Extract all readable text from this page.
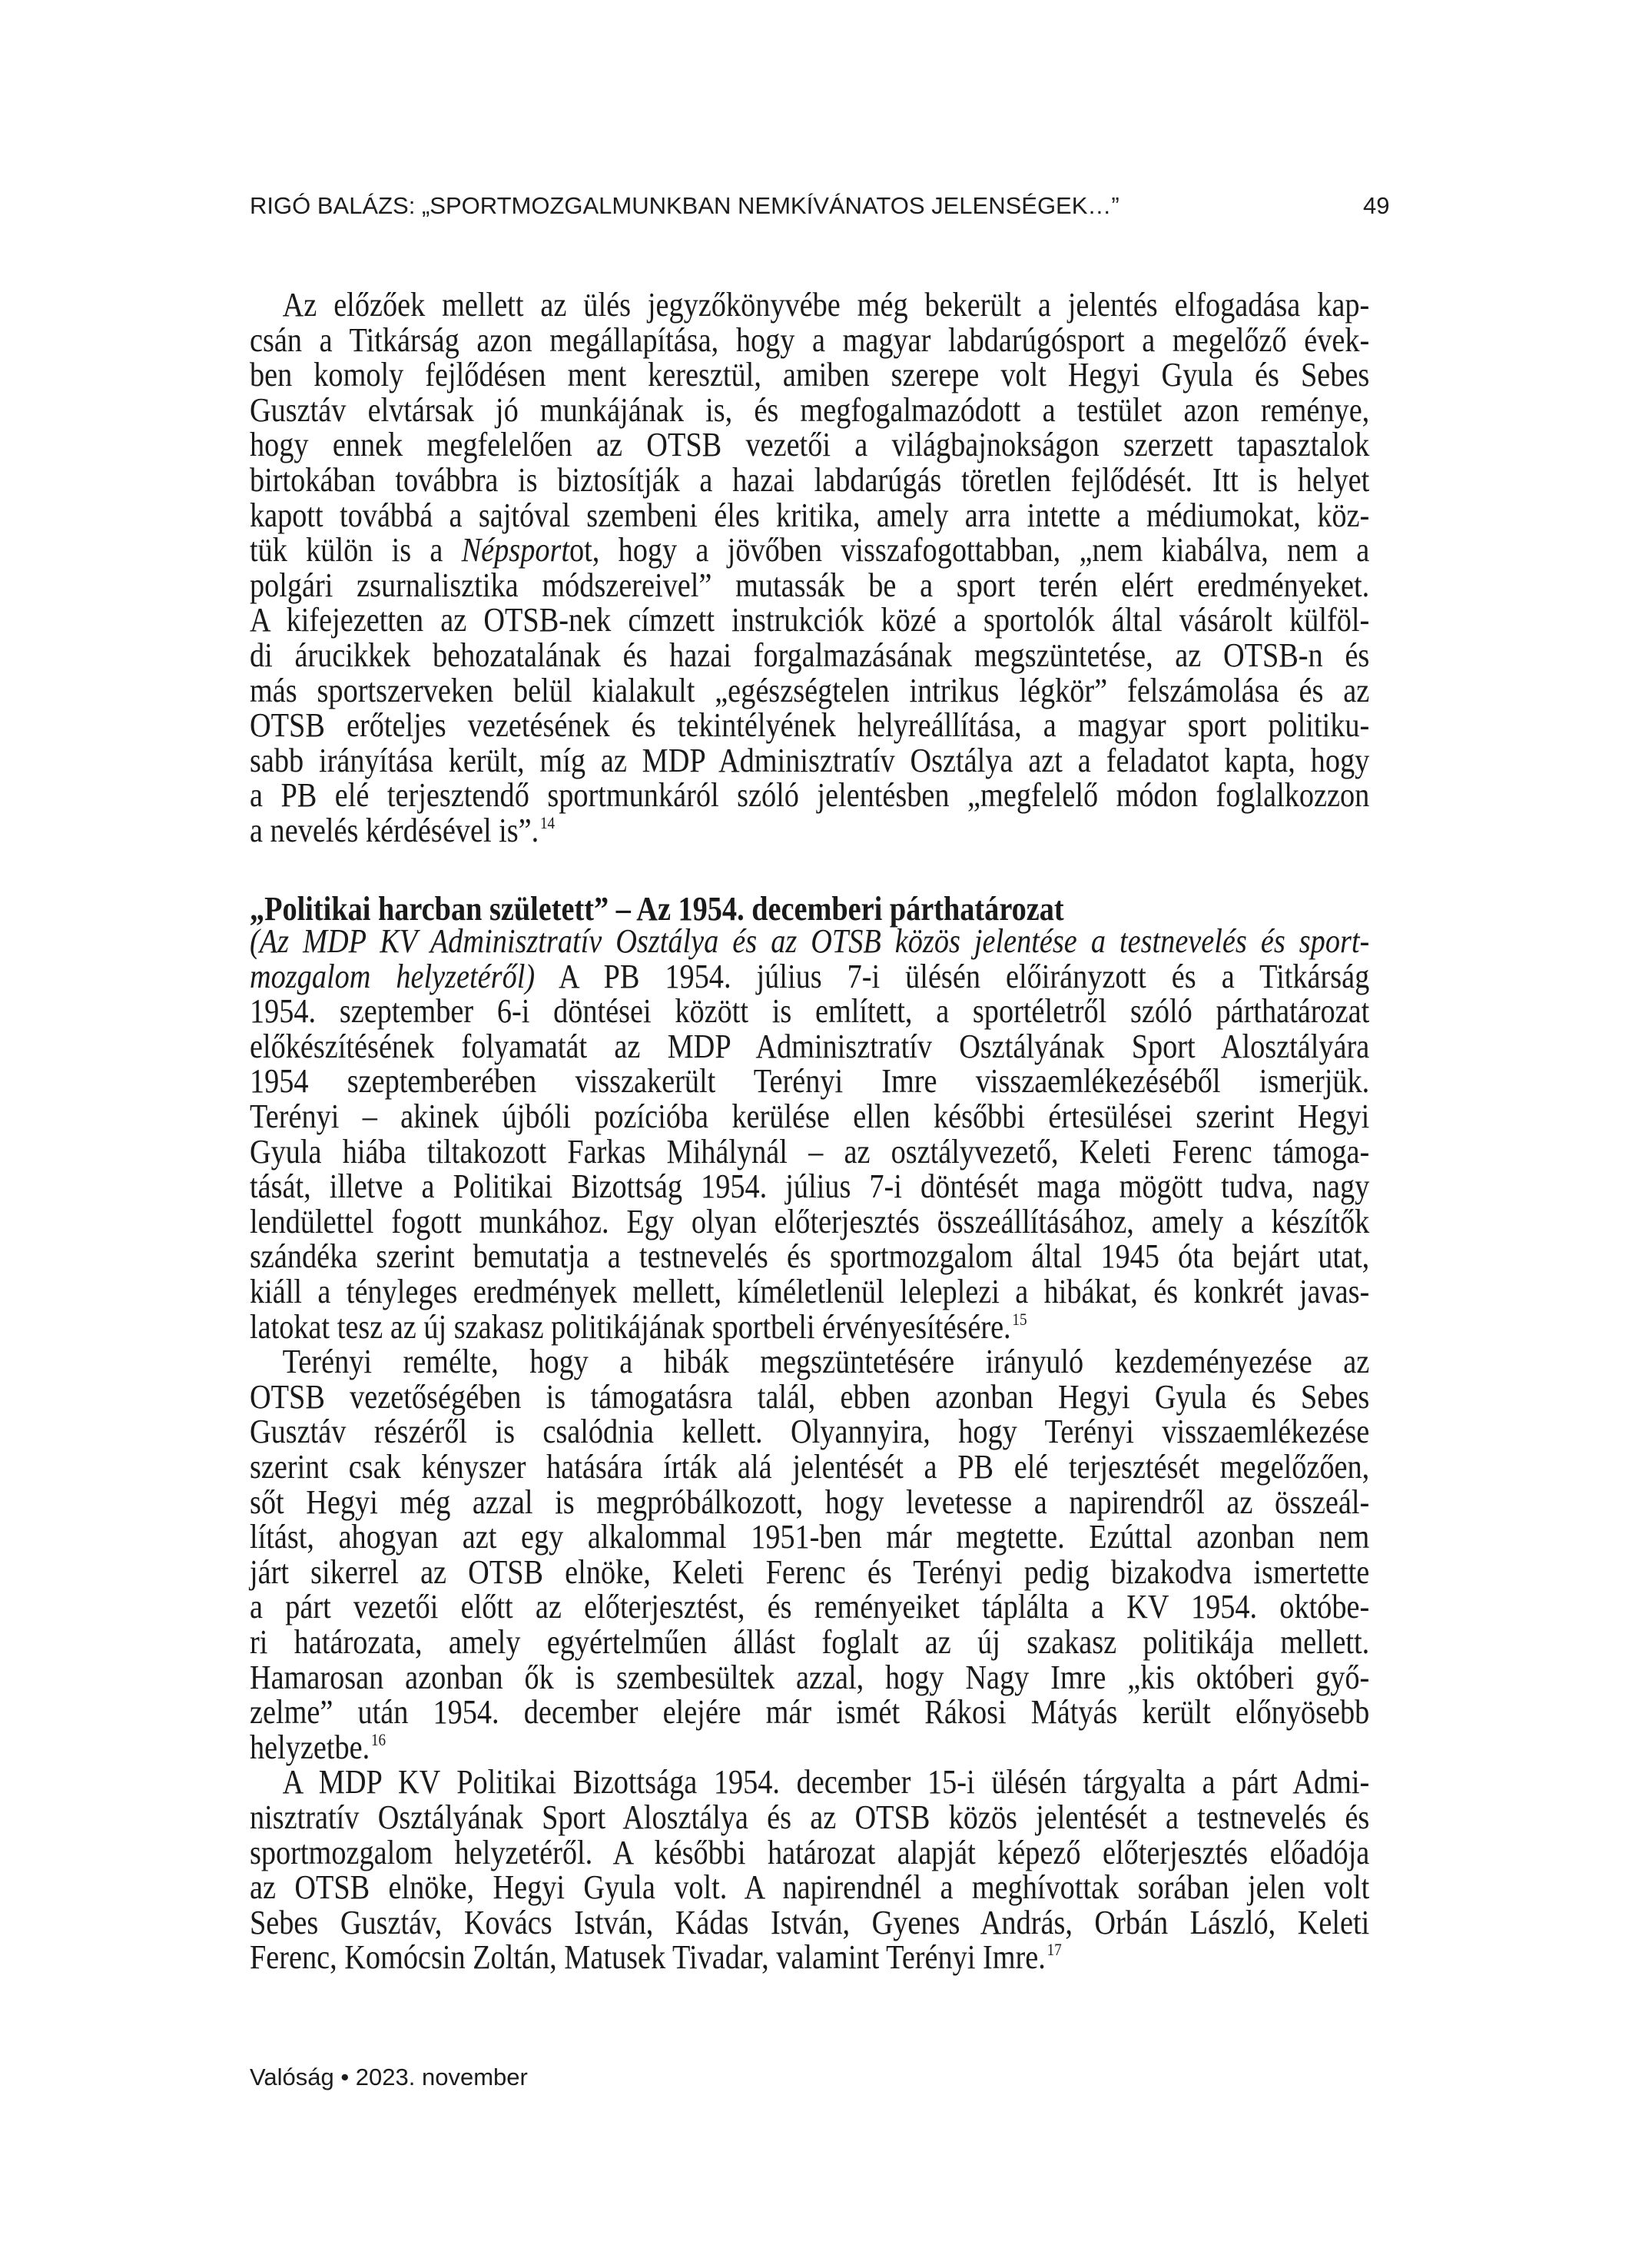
RIGÓ BALÁZS: „SPORTMOZGALMUNKBAN NEMKÍVÁNATOS JELENSÉGEK…”	49
Az előzőek mellett az ülés jegyzőkönyvébe még bekerült a jelentés elfogadása kap-
csán a Titkárság azon megállapítása, hogy a magyar labdarúgósport a megelőző évek-
ben komoly fejlődésen ment keresztül, amiben szerepe volt Hegyi Gyula és Sebes
Gusztáv elvtársak jó munkájának is, és megfogalmazódott a testület azon reménye,
hogy ennek megfelelően az OTSB vezetői a világbajnokságon szerzett tapasztalok
birtokában továbbra is biztosítják a hazai labdarúgás töretlen fejlődését. Itt is helyet
kapott továbbá a sajtóval szembeni éles kritika, amely arra intette a médiumokat, köz-
tük külön is a Népsportot, hogy a jövőben visszafogottabban, „nem kiabálva, nem a
polgári zsurnalisztika módszereivel” mutassák be a sport terén elért eredményeket.
A kifejezetten az OTSB-nek címzett instrukciók közé a sportolók által vásárolt külföl-
di árucikkek behozatalának és hazai forgalmazásának megszüntetése, az OTSB-n és
más sportszerveken belül kialakult „egészségtelen intrikus légkör” felszámolása és az
OTSB erőteljes vezetésének és tekintélyének helyreállítása, a magyar sport politiku-
sabb irányítása került, míg az MDP Adminisztratív Osztálya azt a feladatot kapta, hogy
a PB elé terjesztendő sportmunkáról szóló jelentésben „megfelelő módon foglalkozzon
a nevelés kérdésével is”.$^{14}$
„Politikai harcban született” – Az 1954. decemberi párthatározat
(Az MDP KV Adminisztratív Osztálya és az OTSB közös jelentése a testnevelés és sport-
mozgalom helyzetéről) A PB 1954. július 7-i ülésén előirányzott és a Titkárság
1954. szeptember 6-i döntései között is említett, a sportéletről szóló párthatározat
előkészítésének folyamatát az MDP Adminisztratív Osztályának Sport Alosztályára
1954 szeptemberében visszakerült Terényi Imre visszaemlékezéséből ismerjük.
Terényi – akinek újbóli pozícióba kerülése ellen későbbi értesülései szerint Hegyi
Gyula hiába tiltakozott Farkas Mihálynál – az osztályvezető, Keleti Ferenc támoga-
tását, illetve a Politikai Bizottság 1954. július 7-i döntését maga mögött tudva, nagy
lendülettel fogott munkához. Egy olyan előterjesztés összeállításához, amely a készítők
szándéka szerint bemutatja a testnevelés és sportmozgalom által 1945 óta bejárt utat,
kiáll a tényleges eredmények mellett, kíméletlenül leleplezi a hibákat, és konkrét javas-
latokat tesz az új szakasz politikájának sportbeli érvényesítésére.$^{15}$
Terényi remélte, hogy a hibák megszüntetésére irányuló kezdeményezése az
OTSB vezetőségében is támogatásra talál, ebben azonban Hegyi Gyula és Sebes
Gusztáv részéről is csalódnia kellett. Olyannyira, hogy Terényi visszaemlékezése
szerint csak kényszer hatására írták alá jelentését a PB elé terjesztését megelőzően,
sőt Hegyi még azzal is megpróbálkozott, hogy levetesse a napirendről az összeál-
lítást, ahogyan azt egy alkalommal 1951-ben már megtette. Ezúttal azonban nem
járt sikerrel az OTSB elnöke, Keleti Ferenc és Terényi pedig bizakodva ismertette
a párt vezetői előtt az előterjesztést, és reményeiket táplálta a KV 1954. októbe-
ri határozata, amely egyértelműen állást foglalt az új szakasz politikája mellett.
Hamarosan azonban ők is szembesültek azzal, hogy Nagy Imre „kis októberi győ-
zelme” után 1954. december elejére már ismét Rákosi Mátyás került előnyösebb
helyzetbe.$^{16}$
A MDP KV Politikai Bizottsága 1954. december 15-i ülésén tárgyalta a párt Admi-
nisztratív Osztályának Sport Alosztálya és az OTSB közös jelentését a testnevelés és
sportmozgalom helyzetéről. A későbbi határozat alapját képező előterjesztés előadója
az OTSB elnöke, Hegyi Gyula volt. A napirendnél a meghívottak sorában jelen volt
Sebes Gusztáv, Kovács István, Kádas István, Gyenes András, Orbán László, Keleti
Ferenc, Komócsin Zoltán, Matusek Tivadar, valamint Terényi Imre.$^{17}$
Valóság • 2023. november
